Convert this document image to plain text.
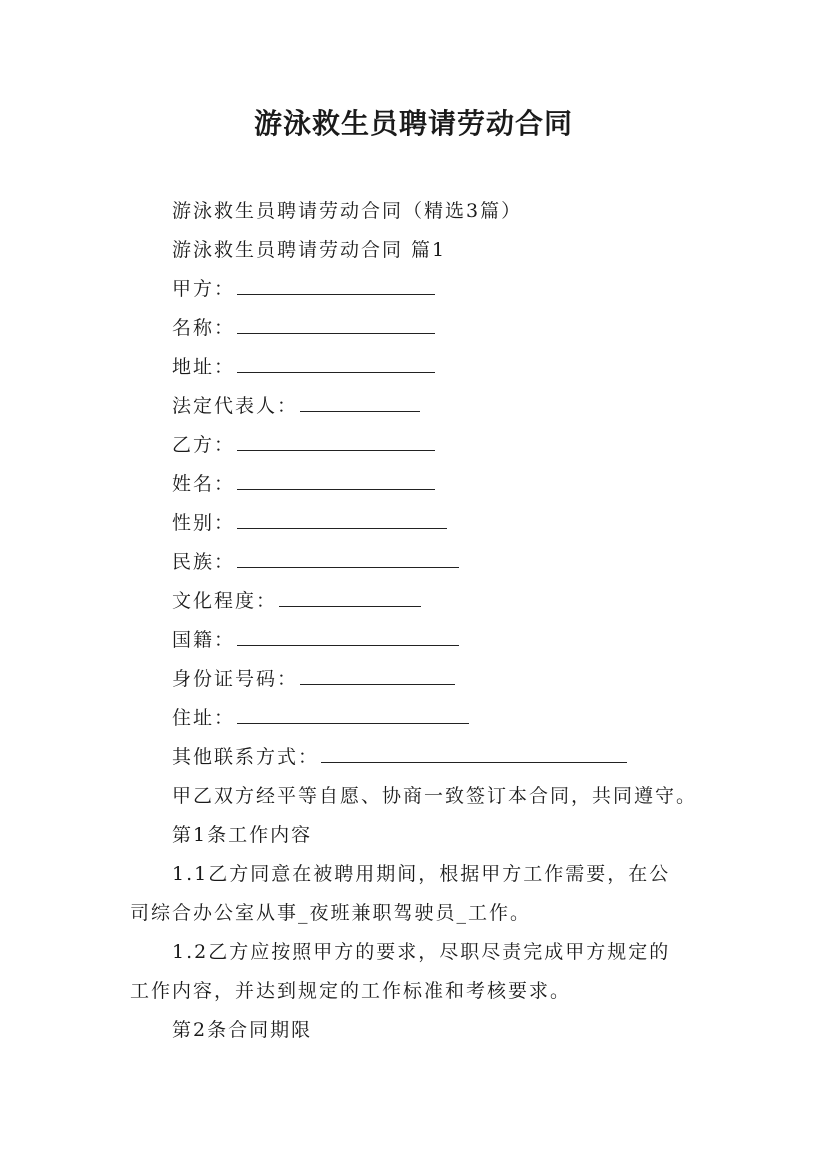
游泳救生员聘请劳动合同
游泳救生员聘请劳动合同（精选3篇）
游泳救生员聘请劳动合同 篇1
甲方：
名称：
地址：
法定代表人：
乙方：
姓名：
性别：
民族：
文化程度：
国籍：
身份证号码：
住址：
其他联系方式：
甲乙双方经平等自愿、协商一致签订本合同，共同遵守。
第1条工作内容
1.1乙方同意在被聘用期间，根据甲方工作需要，在公
司综合办公室从事_夜班兼职驾驶员_工作。
1.2乙方应按照甲方的要求，尽职尽责完成甲方规定的
工作内容，并达到规定的工作标准和考核要求。
第2条合同期限
